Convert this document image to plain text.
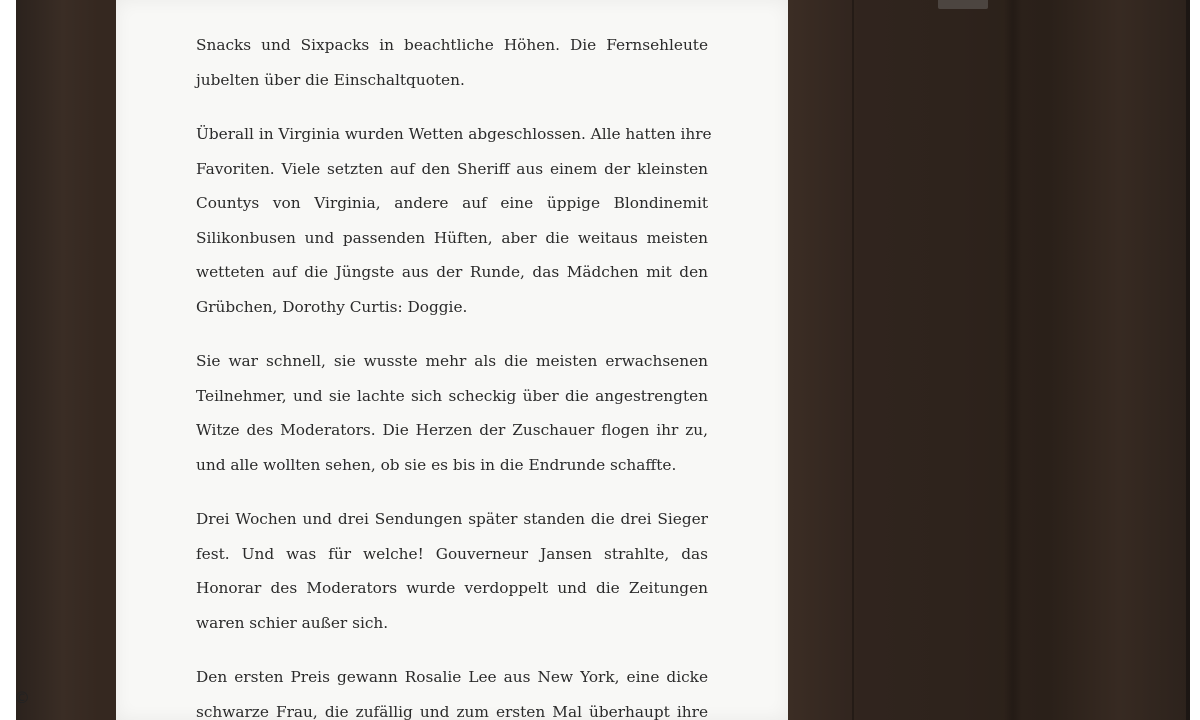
Snacks und Sixpacks in beachtliche Höhen. Die Fernsehleute
jubelten über die Einschaltquoten.

Überall in Virginia wurden Wetten abgeschlossen. Alle hatten ihre
Favoriten. Viele setzten auf den Sheriff aus einem der kleinsten
Countys von Virginia, andere auf eine üppige Blondinemit
Silikonbusen und passenden Hüften, aber die weitaus meisten
wetteten auf die Jüngste aus der Runde, das Mädchen mit den
Grübchen, Dorothy Curtis: Doggie.

Sie war schnell, sie wusste mehr als die meisten erwachsenen
Teilnehmer, und sie lachte sich scheckig über die angestrengten
Witze des Moderators. Die Herzen der Zuschauer flogen ihr zu,
und alle wollten sehen, ob sie es bis in die Endrunde schaffte.

Drei Wochen und drei Sendungen später standen die drei Sieger
fest. Und was für welche! Gouverneur Jansen strahlte, das
Honorar des Moderators wurde verdoppelt und die Zeitungen
waren schier außer sich.

Den ersten Preis gewann Rosalie Lee aus New York, eine dicke
schwarze Frau, die zufällig und zum ersten Mal überhaupt ihre

©
